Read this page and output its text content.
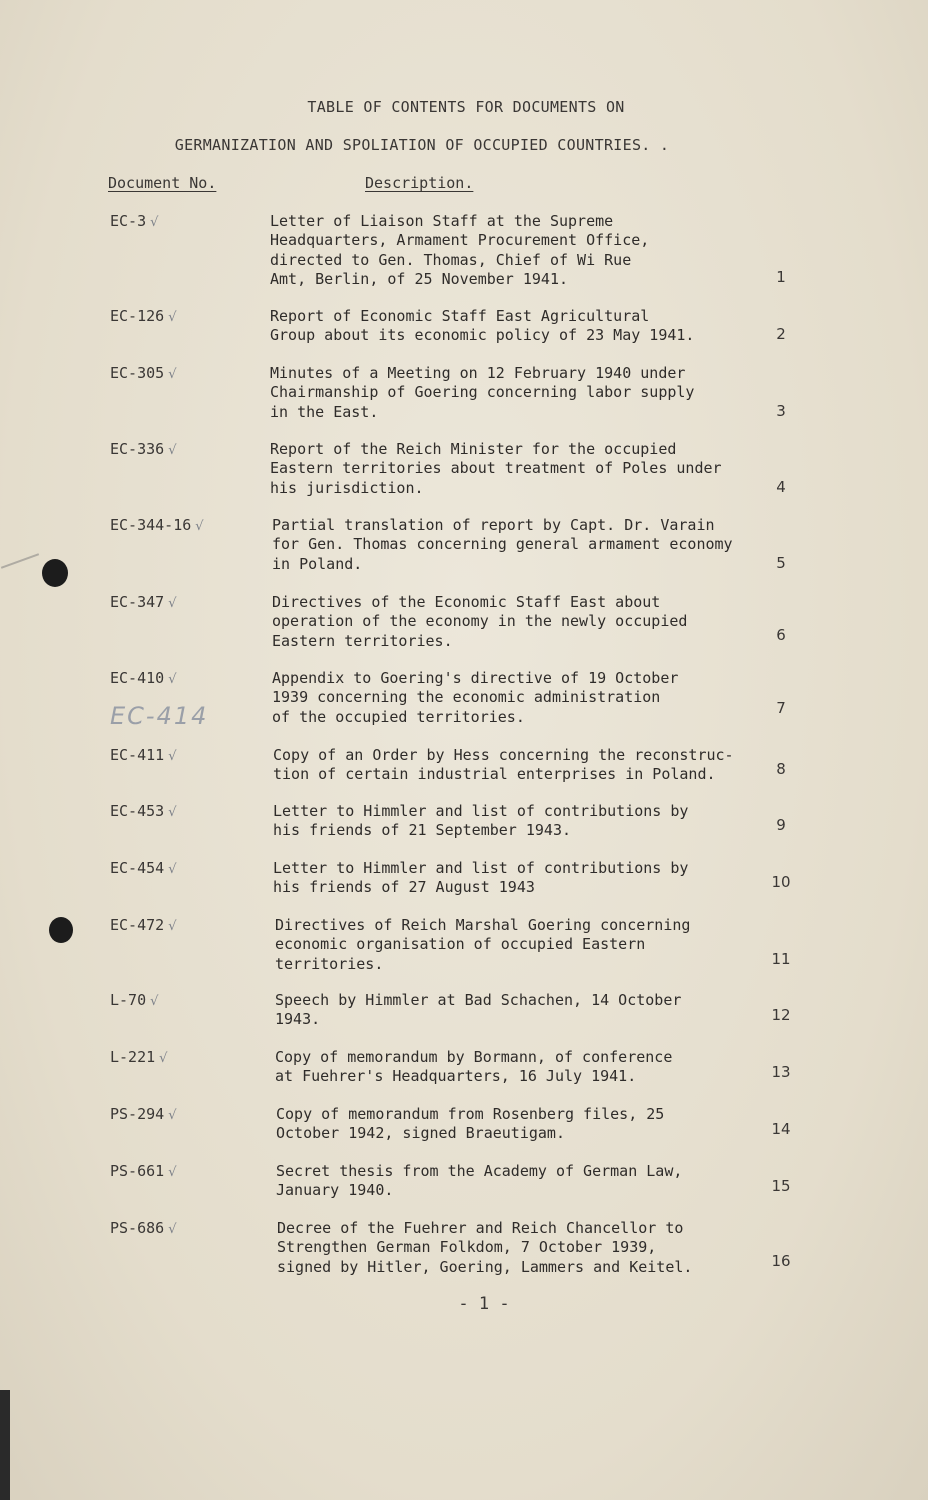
TABLE OF CONTENTS FOR DOCUMENTS ON
GERMANIZATION AND SPOLIATION OF OCCUPIED COUNTRIES. .
Document No.	Description.
EC-3 √	Letter of Liaison Staff at the Supreme
Headquarters, Armament Procurement Office,
directed to Gen. Thomas, Chief of Wi Rue
Amt, Berlin, of 25 November 1941.	1
EC-126 √	Report of Economic Staff East Agricultural
Group about its economic policy of 23 May 1941.	2
EC-305 √	Minutes of a Meeting on 12 February 1940 under
Chairmanship of Goering concerning labor supply
in the East.	3
EC-336 √	Report of the Reich Minister for the occupied
Eastern territories about treatment of Poles under
his jurisdiction.	4
EC-344-16 √	Partial translation of report by Capt. Dr. Varain
for Gen. Thomas concerning general armament economy
in Poland.	5
EC-347 √	Directives of the Economic Staff East about
operation of the economy in the newly occupied
Eastern territories.	6
EC-410 √	Appendix to Goering's directive of 19 October
1939 concerning the economic administration
of the occupied territories.	7
EC-411 √	Copy of an Order by Hess concerning the reconstruc-
tion of certain industrial enterprises in Poland.	8
EC-453 √	Letter to Himmler and list of contributions by
his friends of 21 September 1943.	9
EC-454 √	Letter to Himmler and list of contributions by
his friends of 27 August 1943	10
EC-472 √	Directives of Reich Marshal Goering concerning
economic organisation of occupied Eastern
territories.	11
L-70 √	Speech by Himmler at Bad Schachen, 14 October
1943.	12
L-221 √	Copy of memorandum by Bormann, of conference
at Fuehrer's Headquarters, 16 July 1941.	13
PS-294 √	Copy of memorandum from Rosenberg files, 25
October 1942, signed Braeutigam.	14
PS-661 √	Secret thesis from the Academy of German Law,
January 1940.	15
PS-686 √	Decree of the Fuehrer and Reich Chancellor to
Strengthen German Folkdom, 7 October 1939,
signed by Hitler, Goering, Lammers and Keitel.	16
EC-414
- 1 -
